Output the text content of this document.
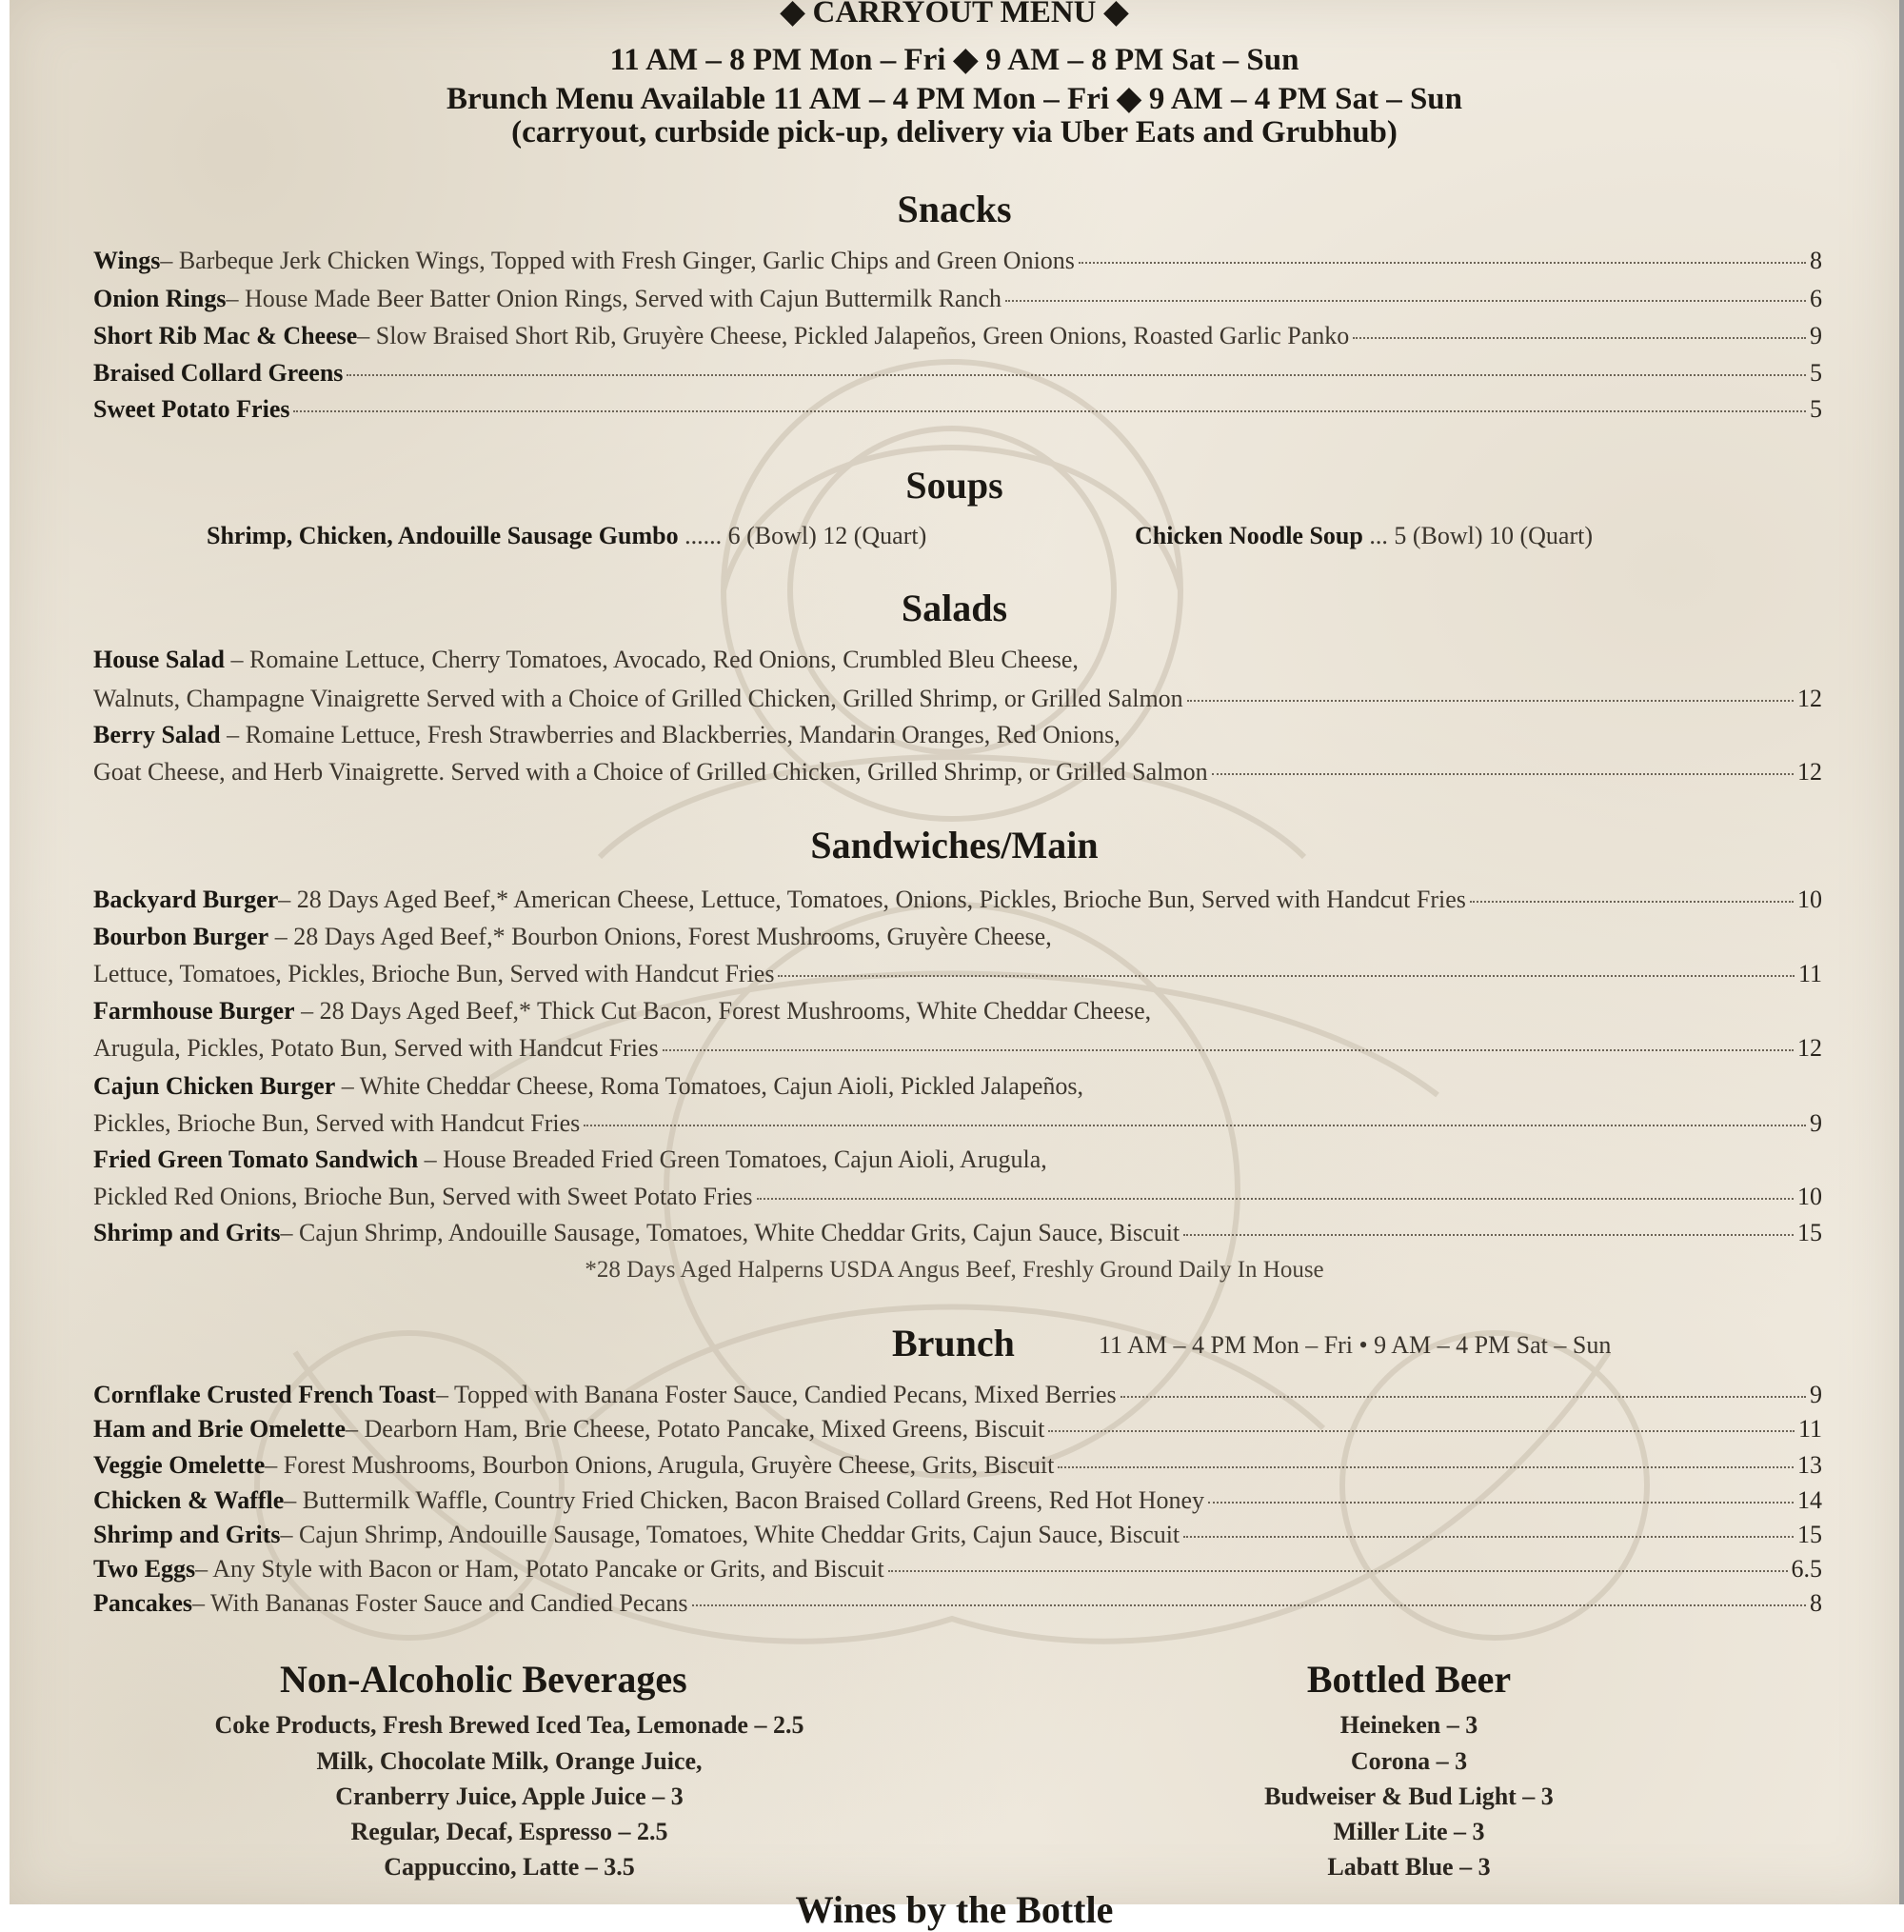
◆ CARRYOUT MENU ◆
11 AM – 8 PM Mon – Fri ◆ 9 AM – 8 PM Sat – Sun
Brunch Menu Available 11 AM – 4 PM Mon – Fri ◆ 9 AM – 4 PM Sat – Sun
(carryout, curbside pick-up, delivery via Uber Eats and Grubhub)
Snacks
Wings – Barbeque Jerk Chicken Wings, Topped with Fresh Ginger, Garlic Chips and Green Onions	8
Onion Rings – House Made Beer Batter Onion Rings, Served with Cajun Buttermilk Ranch	6
Short Rib Mac & Cheese – Slow Braised Short Rib, Gruyère Cheese, Pickled Jalapeños, Green Onions, Roasted Garlic Panko	9
Braised Collard Greens	5
Sweet Potato Fries	5
Soups
Shrimp, Chicken, Andouille Sausage Gumbo ...... 6 (Bowl) 12 (Quart)	Chicken Noodle Soup ... 5 (Bowl) 10 (Quart)
Salads
House Salad – Romaine Lettuce, Cherry Tomatoes, Avocado, Red Onions, Crumbled Bleu Cheese,
Walnuts, Champagne Vinaigrette Served with a Choice of Grilled Chicken, Grilled Shrimp, or Grilled Salmon	12
Berry Salad – Romaine Lettuce, Fresh Strawberries and Blackberries, Mandarin Oranges, Red Onions,
Goat Cheese, and Herb Vinaigrette. Served with a Choice of Grilled Chicken, Grilled Shrimp, or Grilled Salmon	12
Sandwiches/Main
Backyard Burger – 28 Days Aged Beef,* American Cheese, Lettuce, Tomatoes, Onions, Pickles, Brioche Bun, Served with Handcut Fries	10
Bourbon Burger – 28 Days Aged Beef,* Bourbon Onions, Forest Mushrooms, Gruyère Cheese,
Lettuce, Tomatoes, Pickles, Brioche Bun, Served with Handcut Fries	11
Farmhouse Burger – 28 Days Aged Beef,* Thick Cut Bacon, Forest Mushrooms, White Cheddar Cheese,
Arugula, Pickles, Potato Bun, Served with Handcut Fries	12
Cajun Chicken Burger – White Cheddar Cheese, Roma Tomatoes, Cajun Aioli, Pickled Jalapeños,
Pickles, Brioche Bun, Served with Handcut Fries	9
Fried Green Tomato Sandwich – House Breaded Fried Green Tomatoes, Cajun Aioli, Arugula,
Pickled Red Onions, Brioche Bun, Served with Sweet Potato Fries	10
Shrimp and Grits – Cajun Shrimp, Andouille Sausage, Tomatoes, White Cheddar Grits, Cajun Sauce, Biscuit	15
*28 Days Aged Halperns USDA Angus Beef, Freshly Ground Daily In House
Brunch	11 AM – 4 PM Mon – Fri • 9 AM – 4 PM Sat – Sun
Cornflake Crusted French Toast – Topped with Banana Foster Sauce, Candied Pecans, Mixed Berries	9
Ham and Brie Omelette – Dearborn Ham, Brie Cheese, Potato Pancake, Mixed Greens, Biscuit	11
Veggie Omelette – Forest Mushrooms, Bourbon Onions, Arugula, Gruyère Cheese, Grits, Biscuit	13
Chicken & Waffle – Buttermilk Waffle, Country Fried Chicken, Bacon Braised Collard Greens, Red Hot Honey	14
Shrimp and Grits – Cajun Shrimp, Andouille Sausage, Tomatoes, White Cheddar Grits, Cajun Sauce, Biscuit	15
Two Eggs – Any Style with Bacon or Ham, Potato Pancake or Grits, and Biscuit	6.5
Pancakes – With Bananas Foster Sauce and Candied Pecans	8
Non-Alcoholic Beverages
Coke Products, Fresh Brewed Iced Tea, Lemonade – 2.5
Milk, Chocolate Milk, Orange Juice,
Cranberry Juice, Apple Juice – 3
Regular, Decaf, Espresso – 2.5
Cappuccino, Latte – 3.5
Bottled Beer
Heineken – 3
Corona – 3
Budweiser & Bud Light – 3
Miller Lite – 3
Labatt Blue – 3
Wines by the Bottle
